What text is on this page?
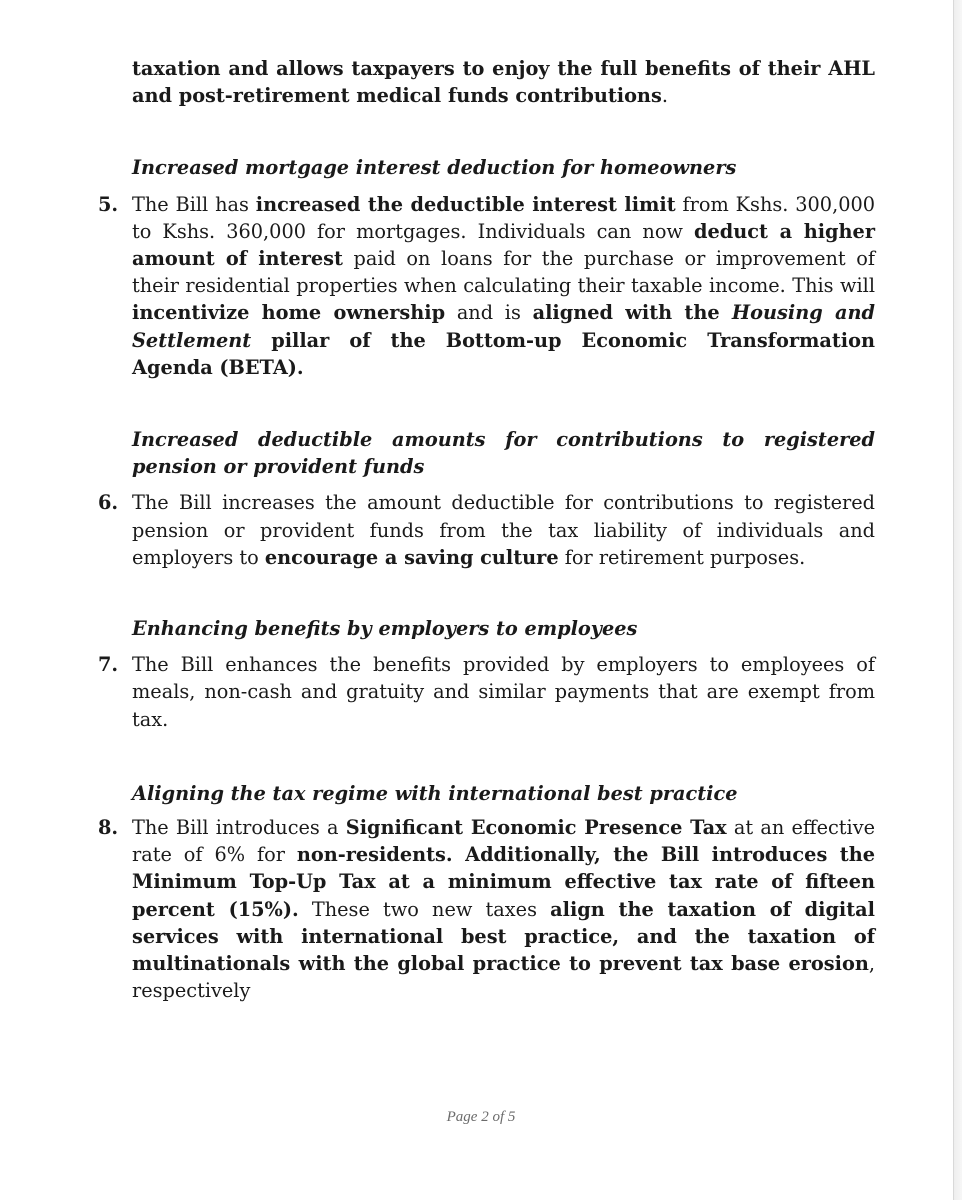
taxation and allows taxpayers to enjoy the full benefits of their AHL and post-retirement medical funds contributions.

Increased mortgage interest deduction for homeowners

5. The Bill has increased the deductible interest limit from Kshs. 300,000 to Kshs. 360,000 for mortgages. Individuals can now deduct a higher amount of interest paid on loans for the purchase or improvement of their residential properties when calculating their taxable income. This will incentivize home ownership and is aligned with the Housing and Settlement pillar of the Bottom-up Economic Transformation Agenda (BETA).

Increased deductible amounts for contributions to registered pension or provident funds

6. The Bill increases the amount deductible for contributions to registered pension or provident funds from the tax liability of individuals and employers to encourage a saving culture for retirement purposes.

Enhancing benefits by employers to employees

7. The Bill enhances the benefits provided by employers to employees of meals, non-cash and gratuity and similar payments that are exempt from tax.

Aligning the tax regime with international best practice

8. The Bill introduces a Significant Economic Presence Tax at an effective rate of 6% for non-residents. Additionally, the Bill introduces the Minimum Top-Up Tax at a minimum effective tax rate of fifteen percent (15%). These two new taxes align the taxation of digital services with international best practice, and the taxation of multinationals with the global practice to prevent tax base erosion, respectively

Page 2 of 5
